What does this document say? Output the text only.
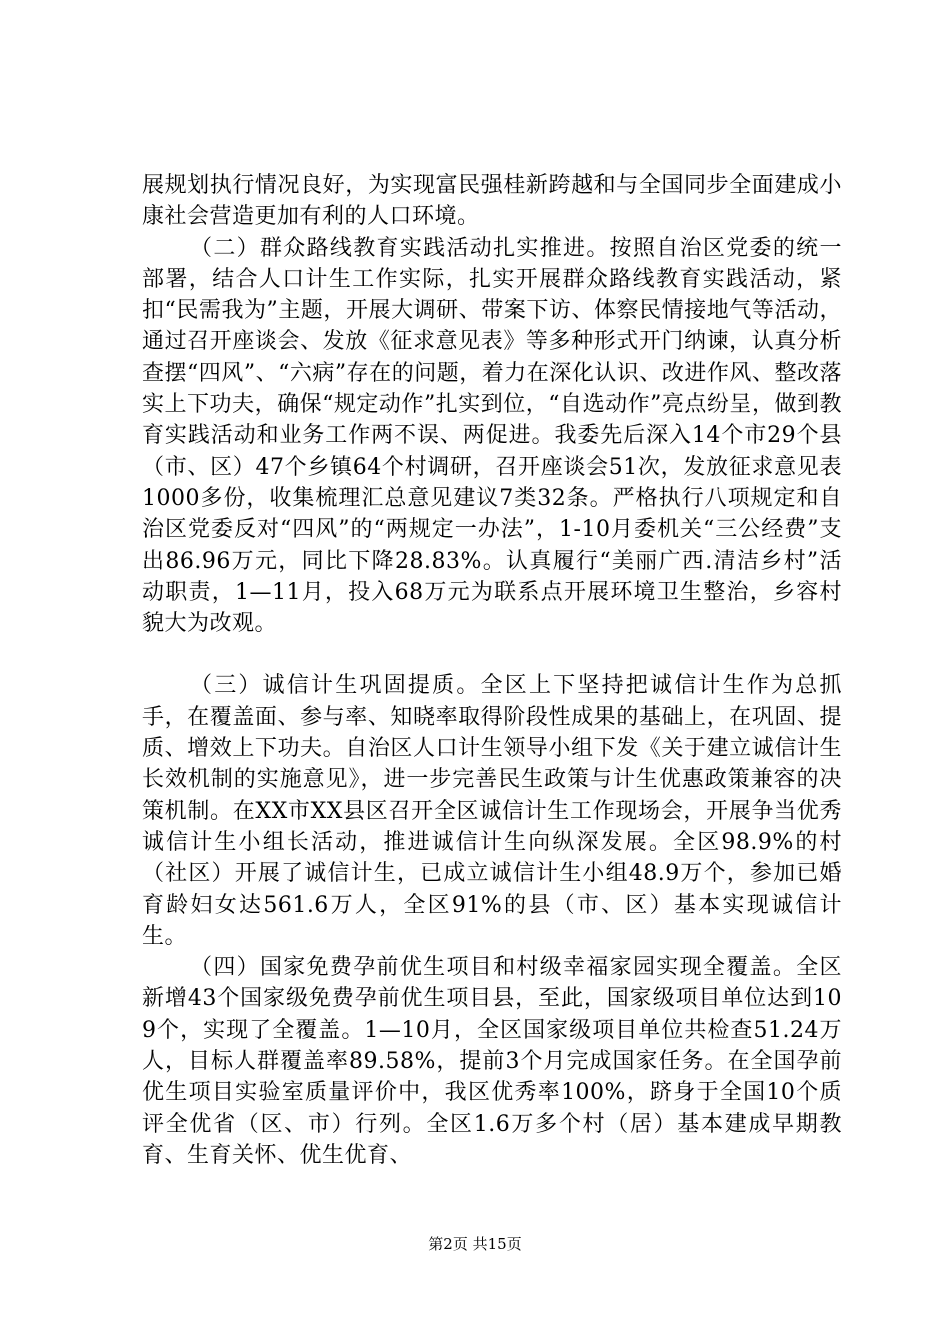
展规划执行情况良好，为实现富民强桂新跨越和与全国同步全面建成小康社会营造更加有利的人口环境。

（二）群众路线教育实践活动扎实推进。按照自治区党委的统一部署，结合人口计生工作实际，扎实开展群众路线教育实践活动，紧扣“民需我为”主题，开展大调研、带案下访、体察民情接地气等活动，通过召开座谈会、发放《征求意见表》等多种形式开门纳谏，认真分析查摆“四风”、“六病”存在的问题，着力在深化认识、改进作风、整改落实上下功夫，确保“规定动作”扎实到位，“自选动作”亮点纷呈，做到教育实践活动和业务工作两不误、两促进。我委先后深入14个市29个县（市、区）47个乡镇64个村调研，召开座谈会51次，发放征求意见表1000多份，收集梳理汇总意见建议7类32条。严格执行八项规定和自治区党委反对“四风”的“两规定一办法”，1-10月委机关“三公经费”支出86.96万元，同比下降28.83%。认真履行“美丽广西.清洁乡村”活动职责，1—11月，投入68万元为联系点开展环境卫生整治，乡容村貌大为改观。

（三）诚信计生巩固提质。全区上下坚持把诚信计生作为总抓手，在覆盖面、参与率、知晓率取得阶段性成果的基础上，在巩固、提质、增效上下功夫。自治区人口计生领导小组下发《关于建立诚信计生长效机制的实施意见》，进一步完善民生政策与计生优惠政策兼容的决策机制。在XX市XX县区召开全区诚信计生工作现场会，开展争当优秀诚信计生小组长活动，推进诚信计生向纵深发展。全区98.9%的村（社区）开展了诚信计生，已成立诚信计生小组48.9万个，参加已婚育龄妇女达561.6万人，全区91%的县（市、区）基本实现诚信计生。

（四）国家免费孕前优生项目和村级幸福家园实现全覆盖。全区新增43个国家级免费孕前优生项目县，至此，国家级项目单位达到109个，实现了全覆盖。1—10月，全区国家级项目单位共检查51.24万人，目标人群覆盖率89.58%，提前3个月完成国家任务。在全国孕前优生项目实验室质量评价中，我区优秀率100%，跻身于全国10个质评全优省（区、市）行列。全区1.6万多个村（居）基本建成早期教育、生育关怀、优生优育、

第2页 共15页
